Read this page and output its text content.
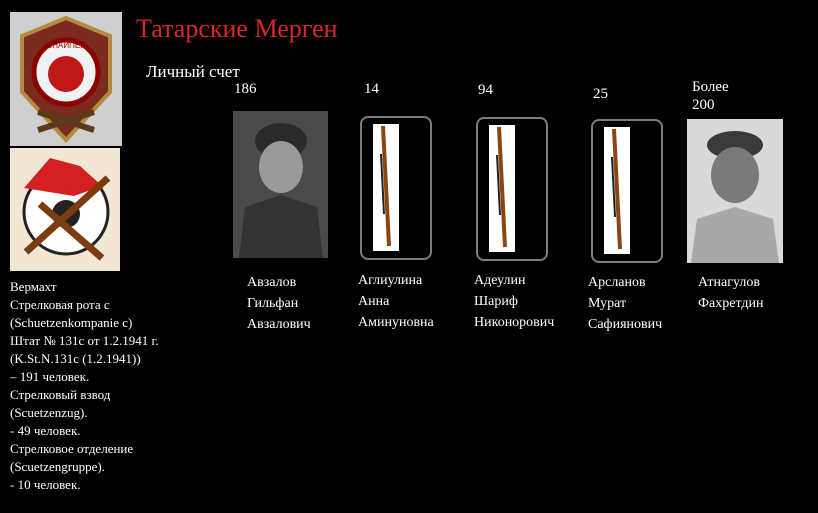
Татарские Мерген
СНАЙПЕР
СНАЙПЕР
Личный счет
186	14	94	25	Более
200
Авзалов
Гильфан
Авзалович
Аглиулина
Анна
Аминуновна
Адеулин
Шариф
Никонорович
Арсланов
Мурат
Сафиянович
Атнагулов
Фахретдин
Вермахт
Стрелковая рота с
(Schuetzenkompanie c)
Штат № 131c от 1.2.1941 г.
(K.St.N.131c (1.2.1941))
– 191 человек.
Стрелковый взвод
(Scuetzenzug).
- 49 человек.
Стрелковое отделение
(Scuetzengruppe).
- 10 человек.
